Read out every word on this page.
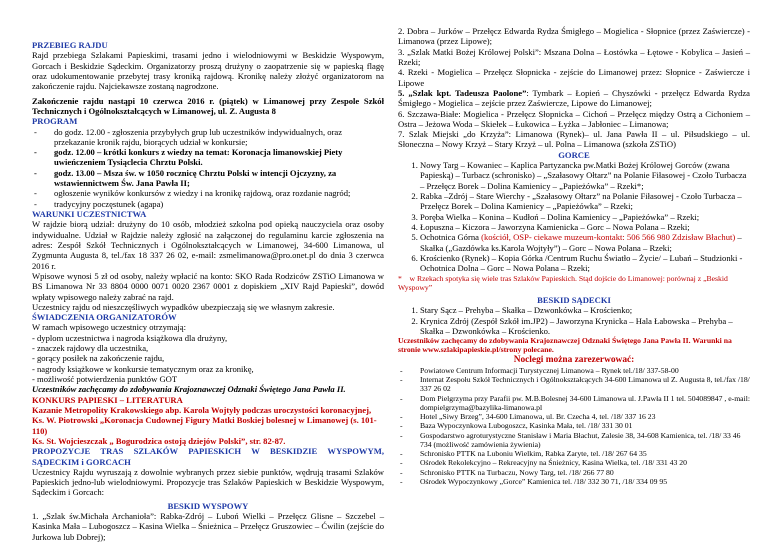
PRZEBIEG RAJDU

Rajd przebiega Szlakami Papieskimi, trasami jedno i wielodniowymi w Beskidzie Wyspowym, Gorcach i Beskidzie Sądeckim. Organizatorzy proszą drużyny o zaopatrzenie się w papieską flagę oraz udokumentowanie przebytej trasy kroniką rajdową. Kronikę należy złożyć organizatorom na zakończenie rajdu. Najciekawsze zostaną nagrodzone.

Zakończenie rajdu nastąpi 10 czerwca 2016 r. (piątek) w Limanowej przy Zespole Szkół Technicznych i Ogólnokształcących w Limanowej, ul. Z. Augusta 8

PROGRAM

- do godz. 12.00 - zgłoszenia przybyłych grup lub uczestników indywidualnych, oraz przekazanie kronik rajdu, biorących udział w konkursie;
- godz. 12.00 – krótki konkurs z wiedzy na temat: Koronacja limanowskiej Piety uwieńczeniem Tysiąclecia Chrztu Polski.
- godz. 13.00 – Msza św. w 1050 rocznicę Chrztu Polski w intencji Ojczyzny, za wstawiennictwem Św. Jana Pawła II;
- ogłoszenie wyników konkursów z wiedzy i na kronikę rajdową, oraz rozdanie nagród;
- tradycyjny poczęstunek (agapa)

WARUNKI UCZESTNICTWA

W rajdzie biorą udział: drużyny do 10 osób, młodzież szkolna pod opieką nauczyciela oraz osoby indywidualne. Udział w Rajdzie należy zgłosić na załączonej do regulaminu karcie zgłoszenia na adres: Zespół Szkół Technicznych i Ogólnokształcących w Limanowej, 34-600 Limanowa, ul Zygmunta Augusta 8, tel./fax 18 337 26 02, e-mail: zsmelimanowa@pro.onet.pl do dnia 3 czerwca 2016 r.

Wpisowe wynosi 5 zł od osoby, należy wpłacić na konto: SKO Rada Rodziców ZSTiO Limanowa w BS Limanowa Nr 33 8804 0000 0071 0020 2367 0001 z dopiskiem „XIV Rajd Papieski”, dowód wpłaty wpisowego należy zabrać na rajd.

Uczestnicy rajdu od nieszczęśliwych wypadków ubezpieczają się we własnym zakresie.

ŚWIADCZENIA ORGANIZATORÓW

W ramach wpisowego uczestnicy otrzymają:

- dyplom uczestnictwa i nagroda książkowa dla drużyny,

- znaczek rajdowy dla uczestnika,

- gorący posiłek na zakończenie rajdu,

- nagrody książkowe w konkursie tematycznym oraz za kronikę,

- możliwość potwierdzenia punktów GOT

Uczestników zachęcamy do zdobywania Krajoznawczej Odznaki Świętego Jana Pawła II.

KONKURS PAPIESKI – LITERATURA

Kazanie Metropolity Krakowskiego abp. Karola Wojtyły podczas uroczystości koronacyjnej,

Ks. W. Piotrowski „Koronacja Cudownej Figury Matki Boskiej bolesnej w Limanowej (s. 101-110)

Ks. St. Wojcieszczak „ Bogurodzica ostoją dziejów Polski”, str. 82-87.

PROPOZYCJE TRAS SZLAKÓW PAPIESKICH W BESKIDZIE WYSPOWYM, SĄDECKIM i GORCACH

Uczestnicy Rajdu wyruszają z dowolnie wybranych przez siebie punktów, wędrują trasami Szlaków Papieskich jedno-lub wielodniowymi. Propozycje tras Szlaków Papieskich w Beskidzie Wyspowym, Sądeckim i Gorcach:

BESKID WYSPOWY

1. „Szlak św.Michała Archanioła”: Rabka-Zdrój – Luboń Wielki – Przełęcz Glisne – Szczebel – Kasinka Mała – Lubogoszcz – Kasina Wielka – Śnieżnica – Przełęcz Gruszowiec – Ćwilin (zejście do Jurkowa lub Dobrej);

2. Dobra – Jurków – Przełęcz Edwarda Rydza Śmigłego – Mogielica - Słopnice (przez Zaświercze) - Limanowa (przez Lipowe);

3. „Szlak Matki Bożej Królowej Polski”: Mszana Dolna – Łostówka – Łętowe - Kobylica – Jasień – Rzeki;

4. Rzeki - Mogielica – Przełęcz Słopnicka - zejście do Limanowej przez: Słopnice - Zaświercze i Lipowe

5. „Szlak kpt. Tadeusza Paolone”: Tymbark – Łopień – Chyszówki - przełęcz Edwarda Rydza Śmigłego - Mogielica – zejście przez Zaświercze, Lipowe do Limanowej;

6. Szczawa-Białe: Mogielica - Przełęcz Słopnicka – Cichoń – Przełęcz między Ostrą a Cichoniem – Ostra – Jeżowa Woda – Skiełek – Łukowica – Łyżka – Jabłoniec – Limanowa;

7. Szlak Miejski „do Krzyża”: Limanowa (Rynek)– ul. Jana Pawła II – ul. Piłsudskiego – ul. Słoneczna – Nowy Krzyż – Stary Krzyż – ul. Polna – Limanowa (szkoła ZSTiO)

GORCE

1. Nowy Targ – Kowaniec – Kaplica Partyzancka pw.Matki Bożej Królowej Gorców (zwana Papieską) – Turbacz (schronisko) – „Szałasowy Ołtarz” na Polanie Fiłasowej - Czoło Turbacza – Przełęcz Borek – Dolina Kamienicy – „Papieżówka” – Rzeki*;
2. Rabka –Zdrój – Stare Wierchy - „Szałasowy Ołtarz” na Polanie Fiłasowej - Czoło Turbacza – Przełęcz Borek – Dolina Kamienicy – „Papieżówka” – Rzeki;
3. Poręba Wielka – Konina – Kudłoń – Dolina Kamienicy – „Papieżówka” – Rzeki;
4. Łopuszna – Kiczora – Jaworzyna Kamienicka – Gorc – Nowa Polana – Rzeki;
5. Ochotnica Górna (kościół, OSP- ciekawe muzeum-kontakt: 506 566 980 Zdzisław Błachut) – Skałka („Gazdówka ks.Karola Wojtyły”) – Gorc – Nowa Polana – Rzeki;
6. Krościenko (Rynek) – Kopia Górka /Centrum Ruchu Światło – Życie/ – Lubań – Studzionki - Ochotnica Dolna – Gorc – Nowa Polana – Rzeki;

*    w Rzekach spotyka się wiele tras Szlaków Papieskich. Stąd dojście do Limanowej: porównaj z „Beskid Wyspowy”

BESKID SĄDECKI

1. Stary Sącz – Prehyba – Skałka – Dzwonkówka – Krościenko;
2. Krynica Zdrój (Zespół Szkół im.JP2) – Jaworzyna Krynicka – Hala Łabowska – Prehyba – Skałka – Dzwonkówka – Krościenko.

Uczestników zachęcamy do zdobywania Krajoznawczej Odznaki Świętego Jana Pawła II. Warunki na stronie www.szlakipapieskie.pl/strony polecane.

Noclegi można zarezerwować:

- Powiatowe Centrum Informacji Turystycznej Limanowa – Rynek tel./18/ 337-58-00
- Internat Zespołu Szkół Technicznych i Ogólnokształcących 34-600 Limanowa ul Z. Augusta 8, tel./fax /18/ 337 26 02
- Dom Pielgrzyma przy Parafii pw. M.B.Bolesnej 34-600 Limanowa ul. J.Pawła II 1 tel. 504089847 , e-mail: dompielgrzyma@bazylika-limanowa.pl
- Hotel „Siwy Brzeg”, 34-600 Limanowa, ul. Br. Czecha 4, tel. /18/ 337 16 23
- Baza Wypoczynkowa Lubogoszcz, Kasinka Mała, tel. /18/ 331 30 01
- Gospodarstwo agroturystyczne Stanisław i Maria Błachut, Zalesie 38, 34-608 Kamienica, tel. /18/ 33 46 734 (możliwość zamówienia żywienia)
- Schronisko PTTK na Luboniu Wielkim, Rabka Zaryte, tel. /18/ 267 64 35
- Ośrodek Rekolekcyjno – Rekreacyjny na Śnieżnicy, Kasina Wielka, tel. /18/ 331 43 20
- Schronisko PTTK na Turbaczu, Nowy Targ, tel. /18/ 266 77 80
- Ośrodek Wypoczynkowy „Gorce” Kamienica tel. /18/ 332 30 71, /18/ 334 09 95
